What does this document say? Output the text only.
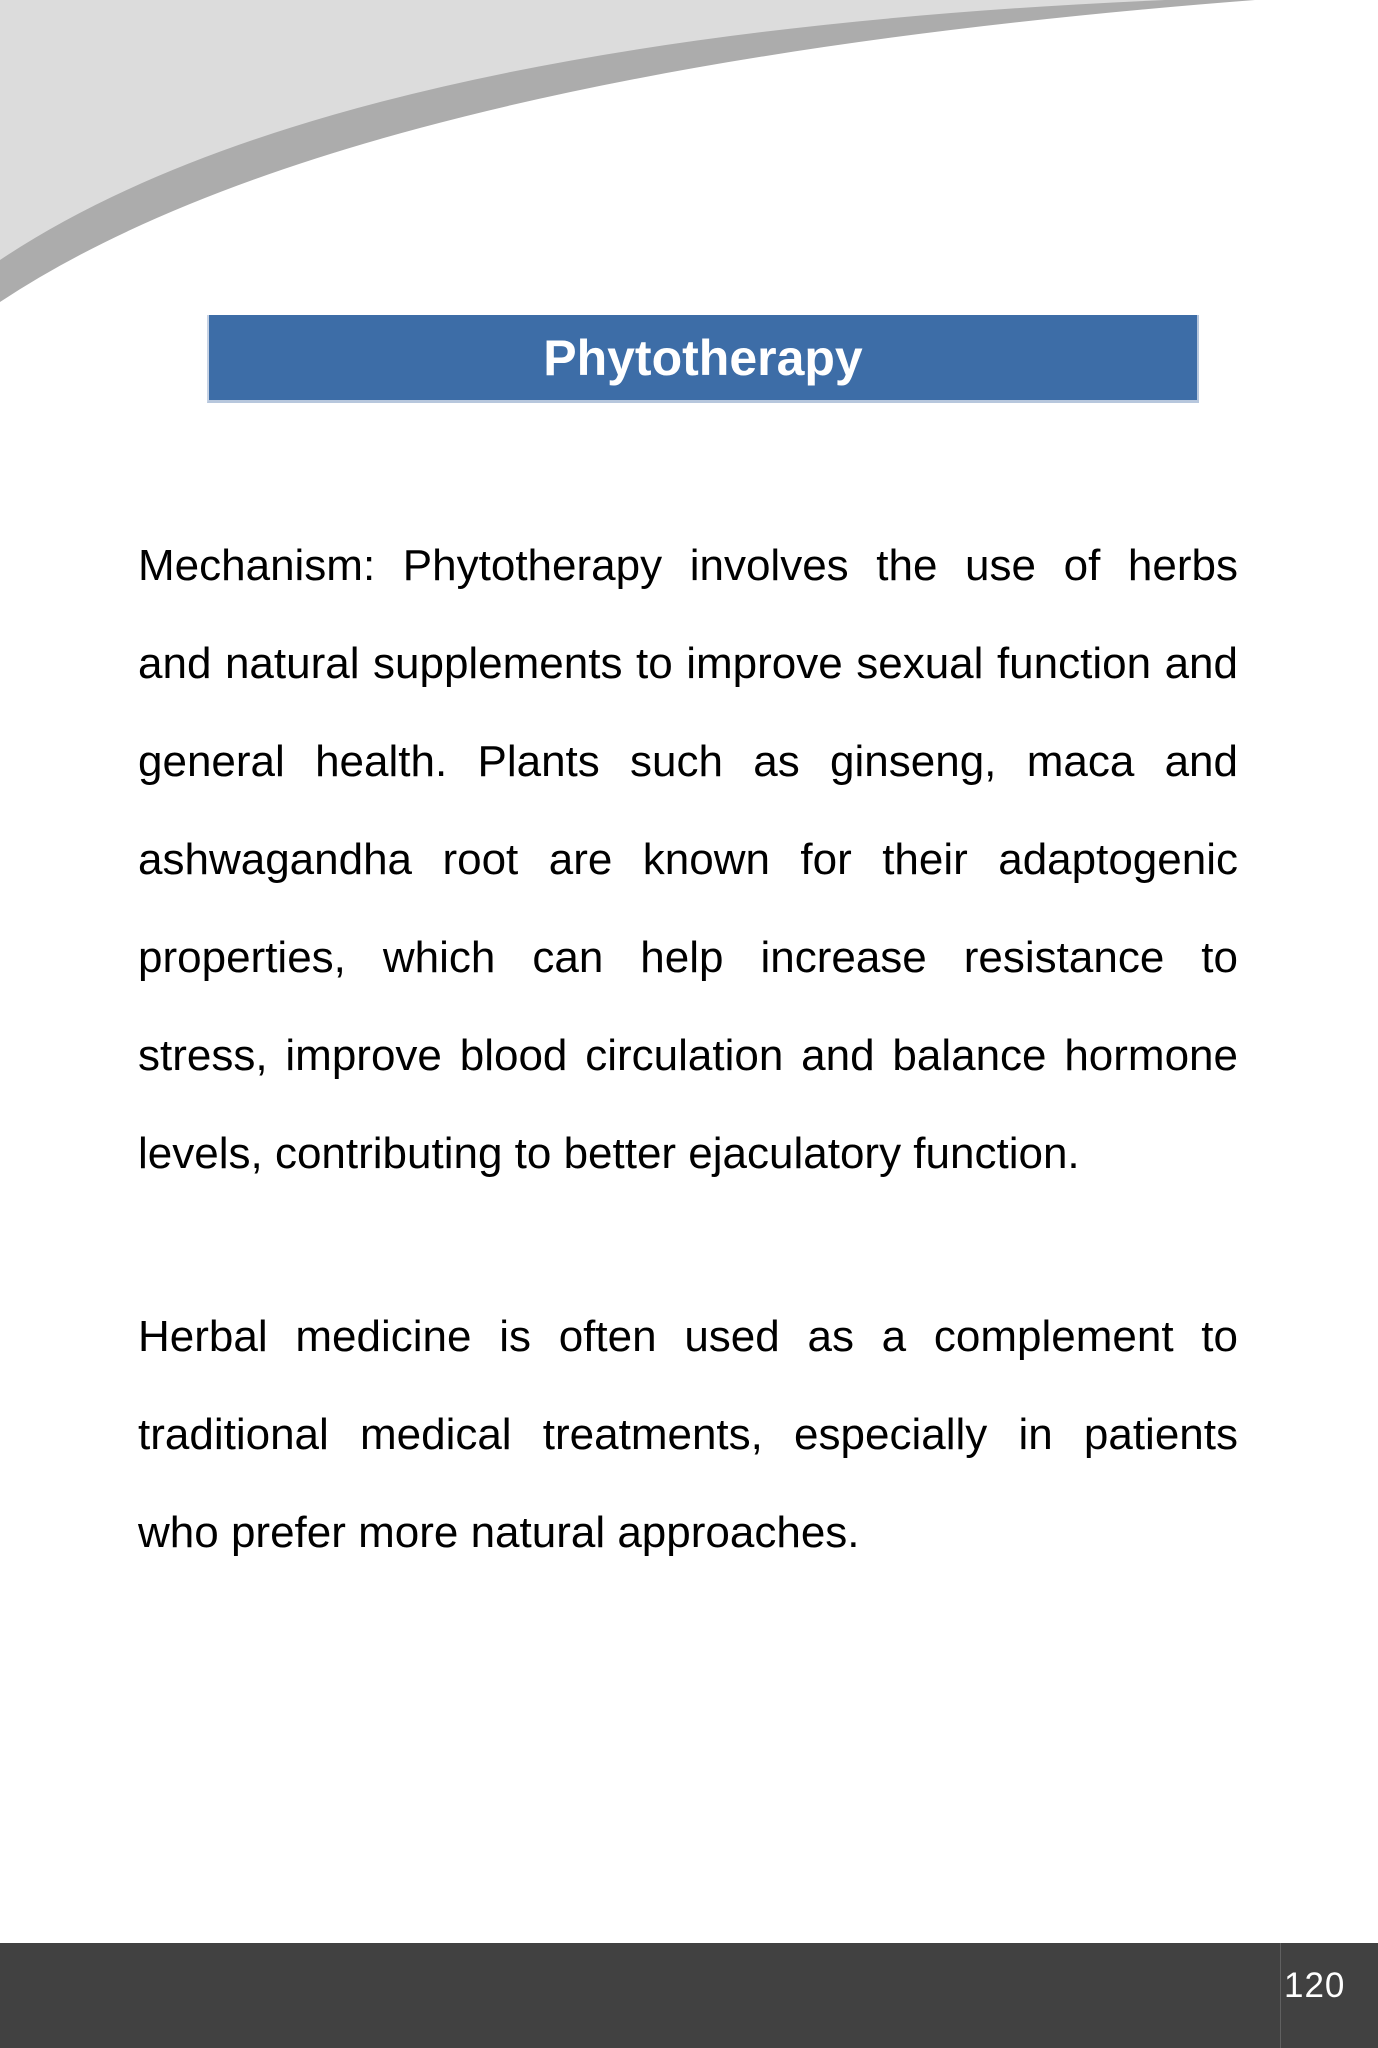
Phytotherapy
Mechanism: Phytotherapy involves the use of herbs
and natural supplements to improve sexual function and
general health. Plants such as ginseng, maca and
ashwagandha root are known for their adaptogenic
properties, which can help increase resistance to
stress, improve blood circulation and balance hormone
levels, contributing to better ejaculatory function.
Herbal medicine is often used as a complement to
traditional medical treatments, especially in patients
who prefer more natural approaches.
120
